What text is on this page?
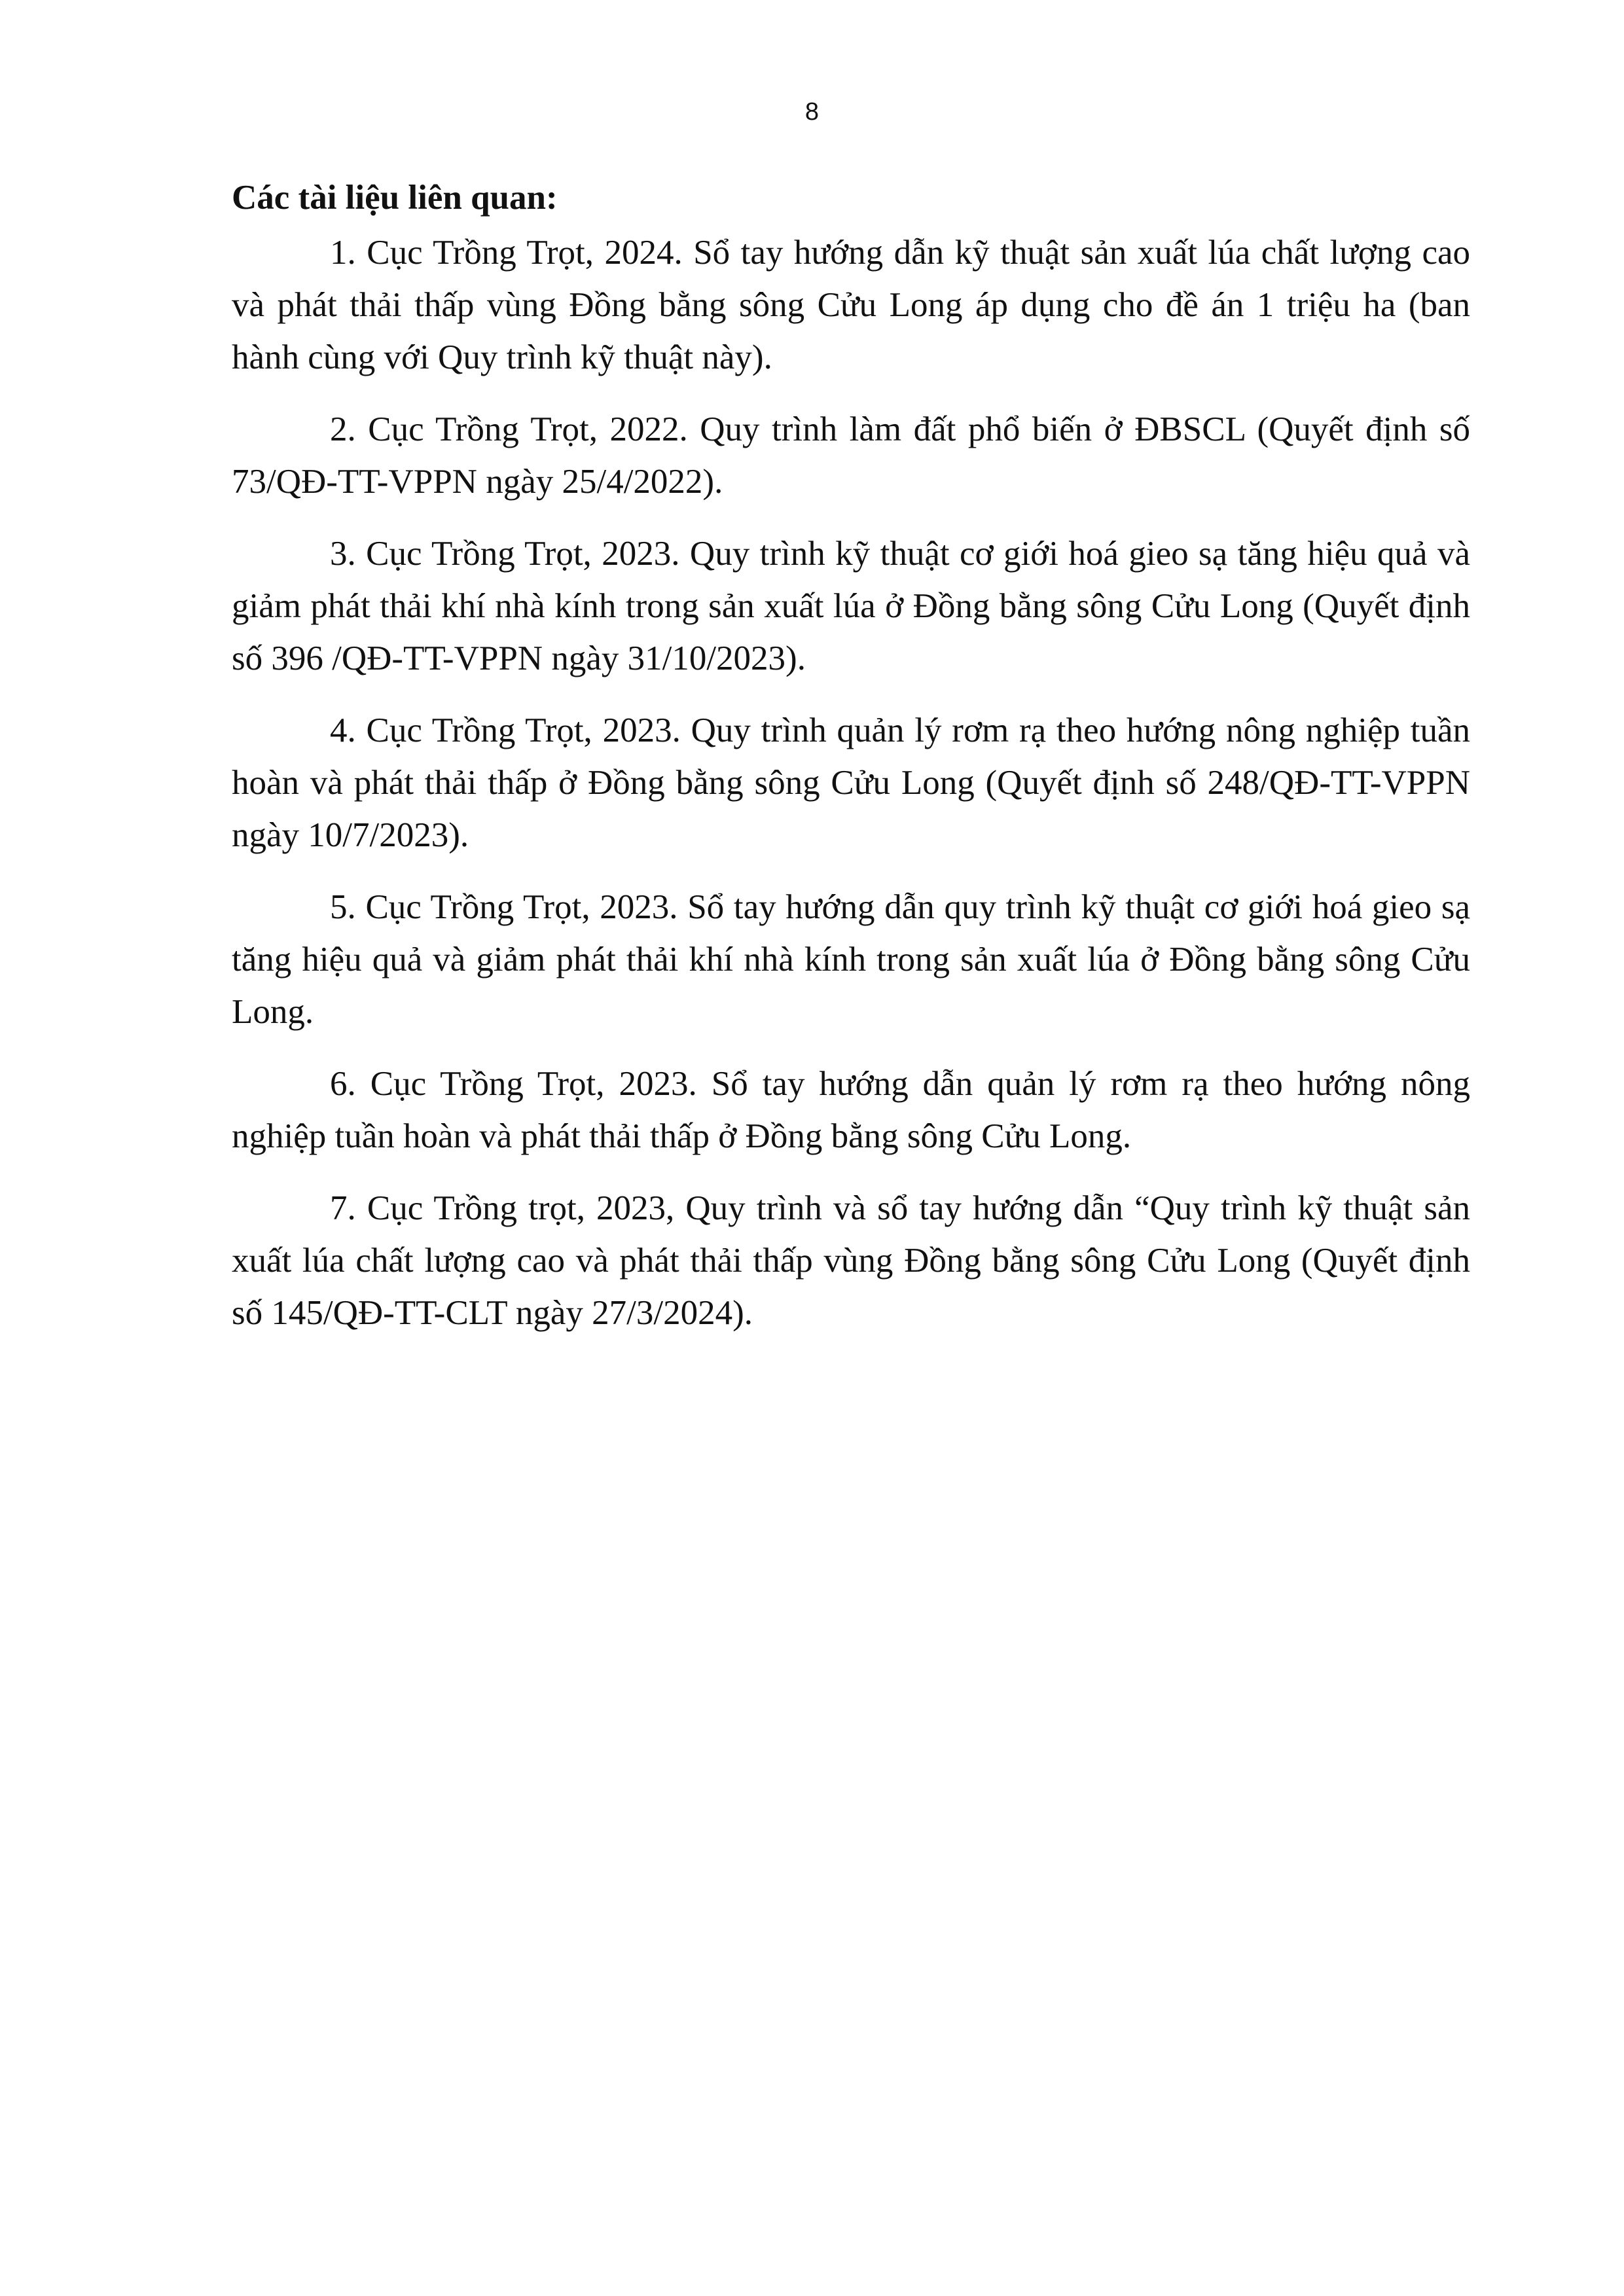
8
Các tài liệu liên quan:
1. Cục Trồng Trọt, 2024. Sổ tay hướng dẫn kỹ thuật sản xuất lúa chất lượng cao và phát thải thấp vùng Đồng bằng sông Cửu Long áp dụng cho đề án 1 triệu ha (ban hành cùng với Quy trình kỹ thuật này).
2. Cục Trồng Trọt, 2022. Quy trình làm đất phổ biến ở ĐBSCL (Quyết định số 73/QĐ-TT-VPPN ngày 25/4/2022).
3. Cục Trồng Trọt, 2023. Quy trình kỹ thuật cơ giới hoá gieo sạ tăng hiệu quả và giảm phát thải khí nhà kính trong sản xuất lúa ở Đồng bằng sông Cửu Long (Quyết định số 396 /QĐ-TT-VPPN ngày 31/10/2023).
4. Cục Trồng Trọt, 2023. Quy trình quản lý rơm rạ theo hướng nông nghiệp tuần hoàn và phát thải thấp ở Đồng bằng sông Cửu Long (Quyết định số 248/QĐ-TT-VPPN ngày 10/7/2023).
5. Cục Trồng Trọt, 2023. Sổ tay hướng dẫn quy trình kỹ thuật cơ giới hoá gieo sạ tăng hiệu quả và giảm phát thải khí nhà kính trong sản xuất lúa ở Đồng bằng sông Cửu Long.
6. Cục Trồng Trọt, 2023. Sổ tay hướng dẫn quản lý rơm rạ theo hướng nông nghiệp tuần hoàn và phát thải thấp ở Đồng bằng sông Cửu Long.
7. Cục Trồng trọt, 2023, Quy trình và sổ tay hướng dẫn “Quy trình kỹ thuật sản xuất lúa chất lượng cao và phát thải thấp vùng Đồng bằng sông Cửu Long (Quyết định số 145/QĐ-TT-CLT ngày 27/3/2024).
